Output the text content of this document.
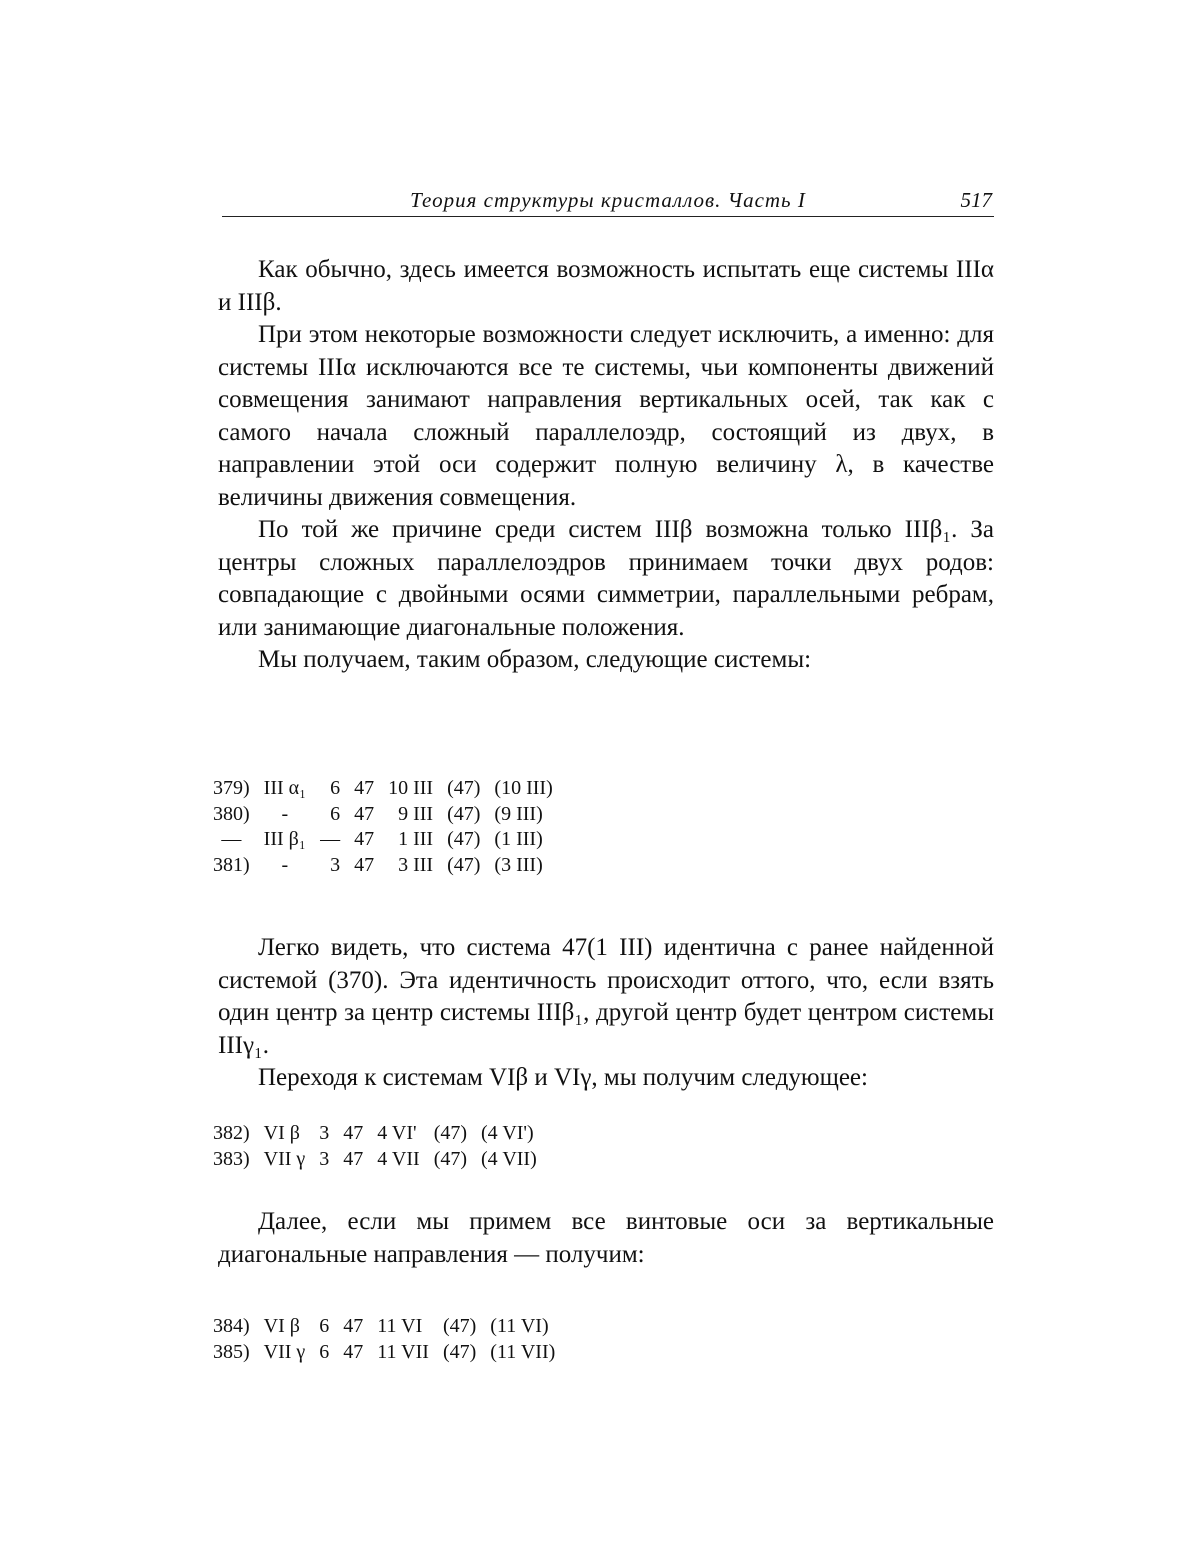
Теория структуры кристаллов. Часть I	517

Как обычно, здесь имеется возможность испытать еще системы IIIα и IIIβ.

При этом некоторые возможности следует исключить, а именно: для системы IIIα исключаются все те системы, чьи компоненты движений совмещения занимают направления вертикальных осей, так как с самого начала сложный параллелоэдр, состоящий из двух, в направлении этой оси содержит полную величину λ, в качестве величины движения совмещения.

По той же причине среди систем IIIβ возможна только IIIβ₁. За центры сложных параллелоэдров принимаем точки двух родов: совпадающие с двойными осями симметрии, параллельными ребрам, или занимающие диагональные положения.

Мы получаем, таким образом, следующие системы:

379)	III α₁	6	47	10 III	(47)	(10 III)
380)	-	6	47	9 III	(47)	(9 III)
—	III β₁	—	47	1 III	(47)	(1 III)
381)	-	3	47	3 III	(47)	(3 III)

Легко видеть, что система 47(1 III) идентична с ранее найденной системой (370). Эта идентичность происходит оттого, что, если взять один центр за центр системы IIIβ₁, другой центр будет центром системы IIIγ₁.

Переходя к системам VIβ и VIγ, мы получим следующее:

382)	VI β	3	47	4 VI'	(47)	(4 VI')
383)	VII γ	3	47	4 VII	(47)	(4 VII)

Далее, если мы примем все винтовые оси за вертикальные диагональные направления — получим:

384)	VI β	6	47	11 VI	(47)	(11 VI)
385)	VII γ	6	47	11 VII	(47)	(11 VII)
